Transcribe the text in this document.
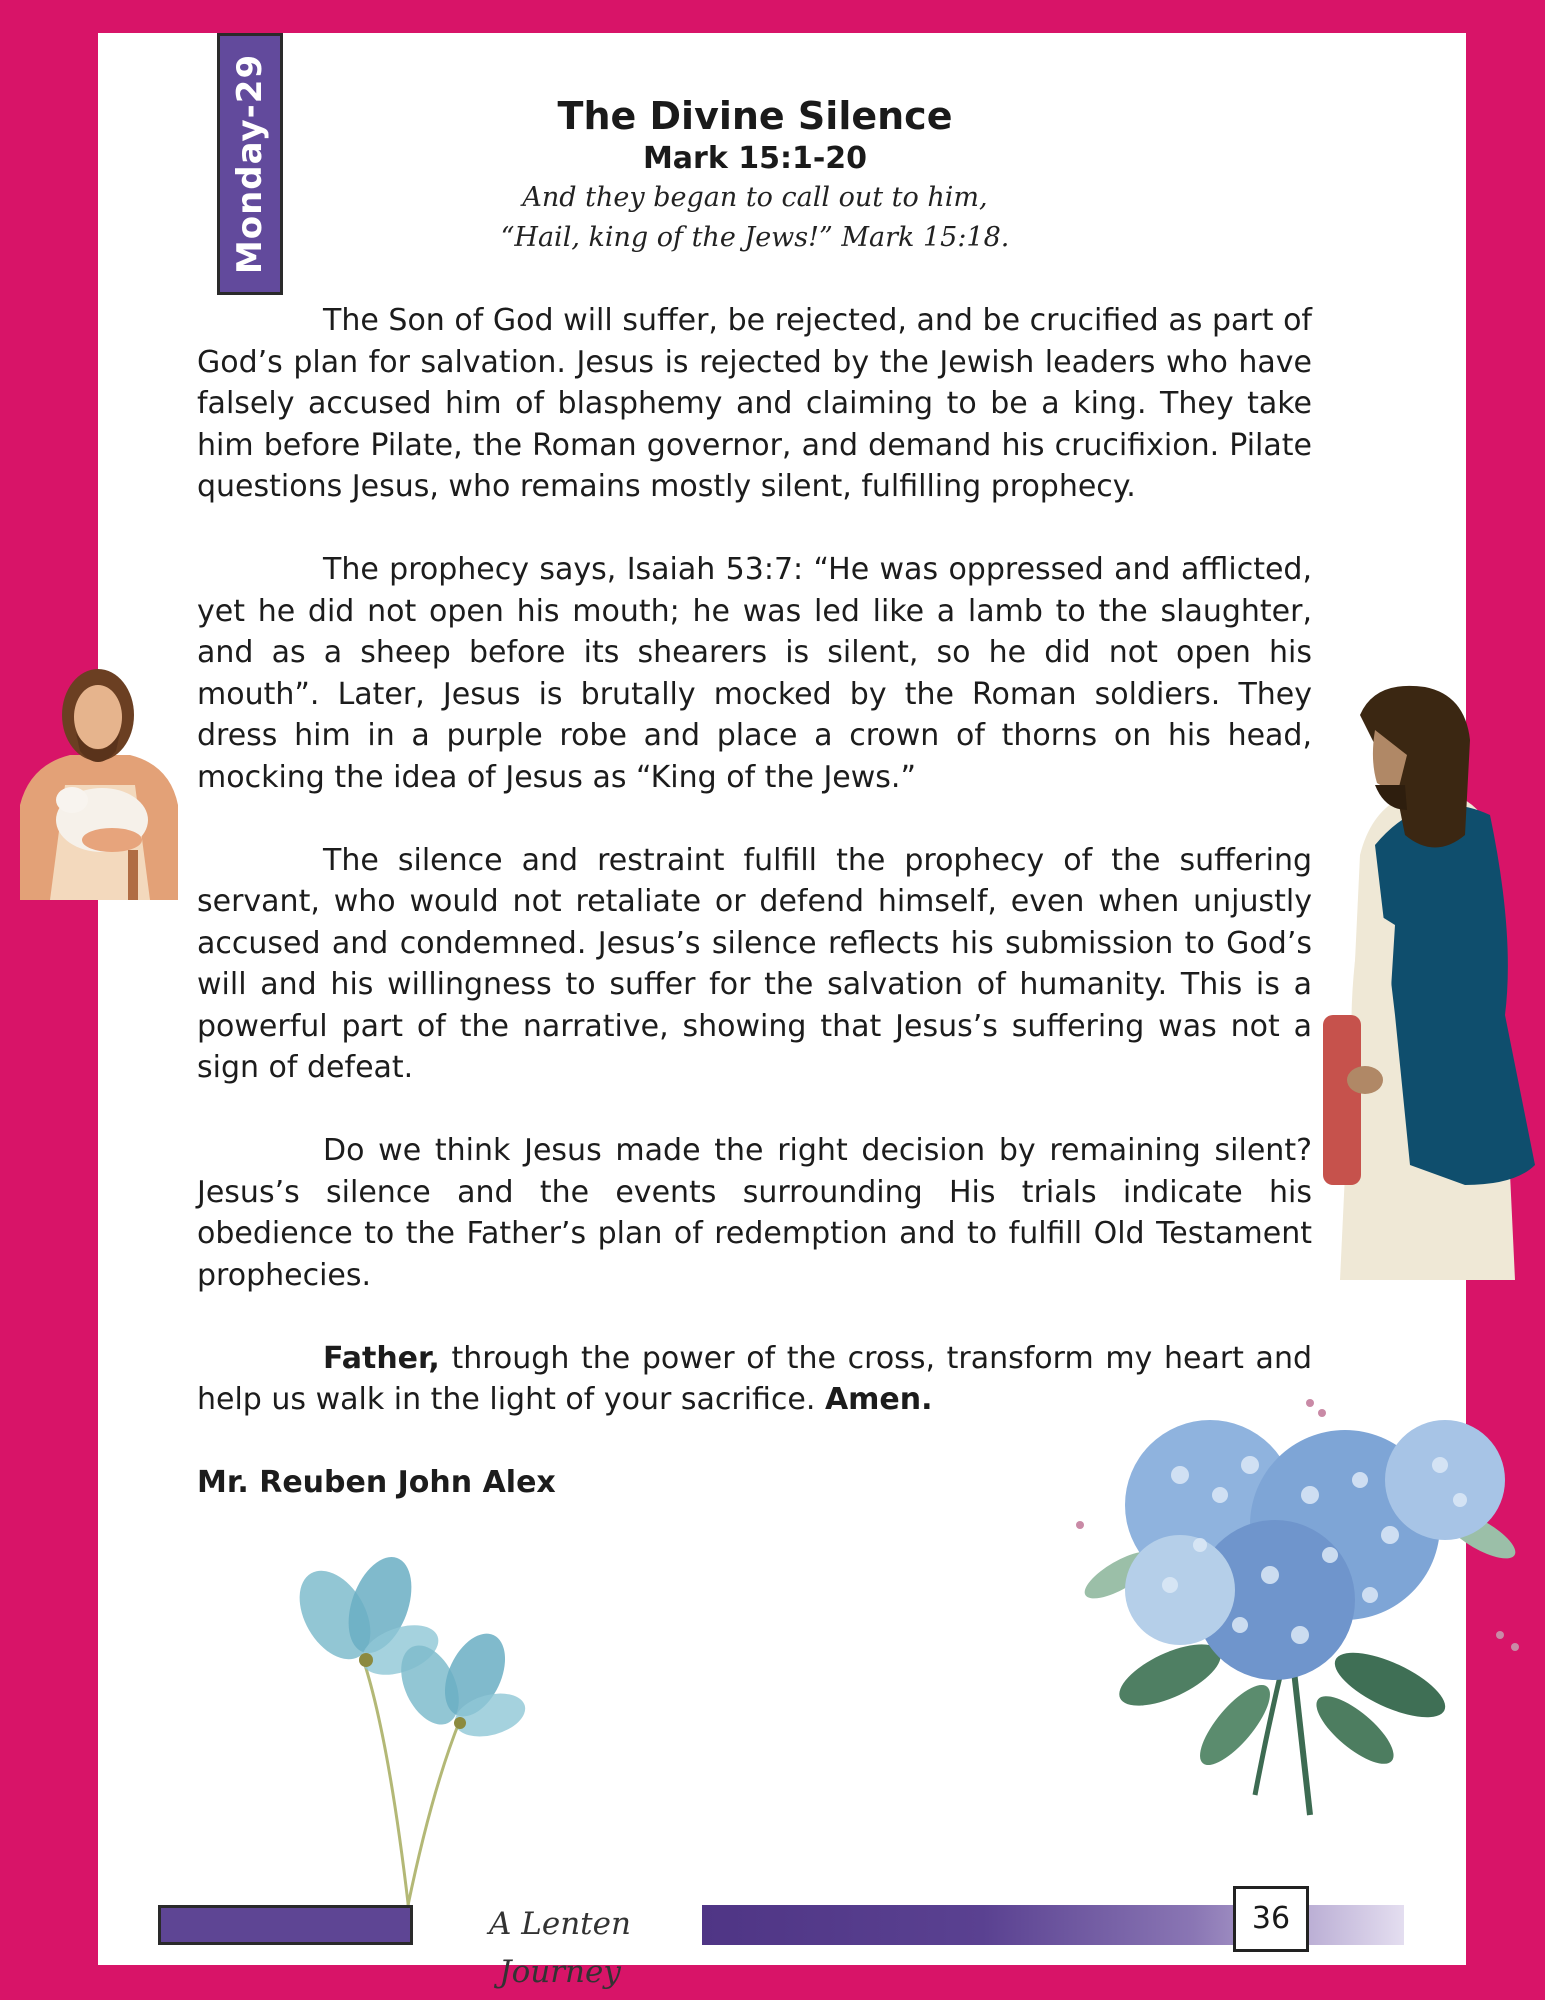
Monday-29	The Divine Silence
Mark 15:1-20
And they began to call out to him,
“Hail, king of the Jews!” Mark 15:18.

The Son of God will suffer, be rejected, and be crucified as part of God’s plan for salvation. Jesus is rejected by the Jewish leaders who have falsely accused him of blasphemy and claiming to be a king. They take him before Pilate, the Roman governor, and demand his crucifixion. Pilate questions Jesus, who remains mostly silent, fulfilling prophecy.

The prophecy says, Isaiah 53:7: “He was oppressed and afflicted, yet he did not open his mouth; he was led like a lamb to the slaughter, and as a sheep before its shearers is silent, so he did not open his mouth”. Later, Jesus is brutally mocked by the Roman soldiers. They dress him in a purple robe and place a crown of thorns on his head, mocking the idea of Jesus as “King of the Jews.”

The silence and restraint fulfill the prophecy of the suffering servant, who would not retaliate or defend himself, even when unjustly accused and condemned. Jesus’s silence reflects his submission to God’s will and his willingness to suffer for the salvation of humanity. This is a powerful part of the narrative, showing that Jesus’s suffering was not a sign of defeat.

Do we think Jesus made the right decision by remaining silent? Jesus’s silence and the events surrounding His trials indicate his obedience to the Father’s plan of redemption and to fulfill Old Testament prophecies.

Father, through the power of the cross, transform my heart and help us walk in the light of your sacrifice. Amen.

Mr. Reuben John Alex

A Lenten Journey
36
